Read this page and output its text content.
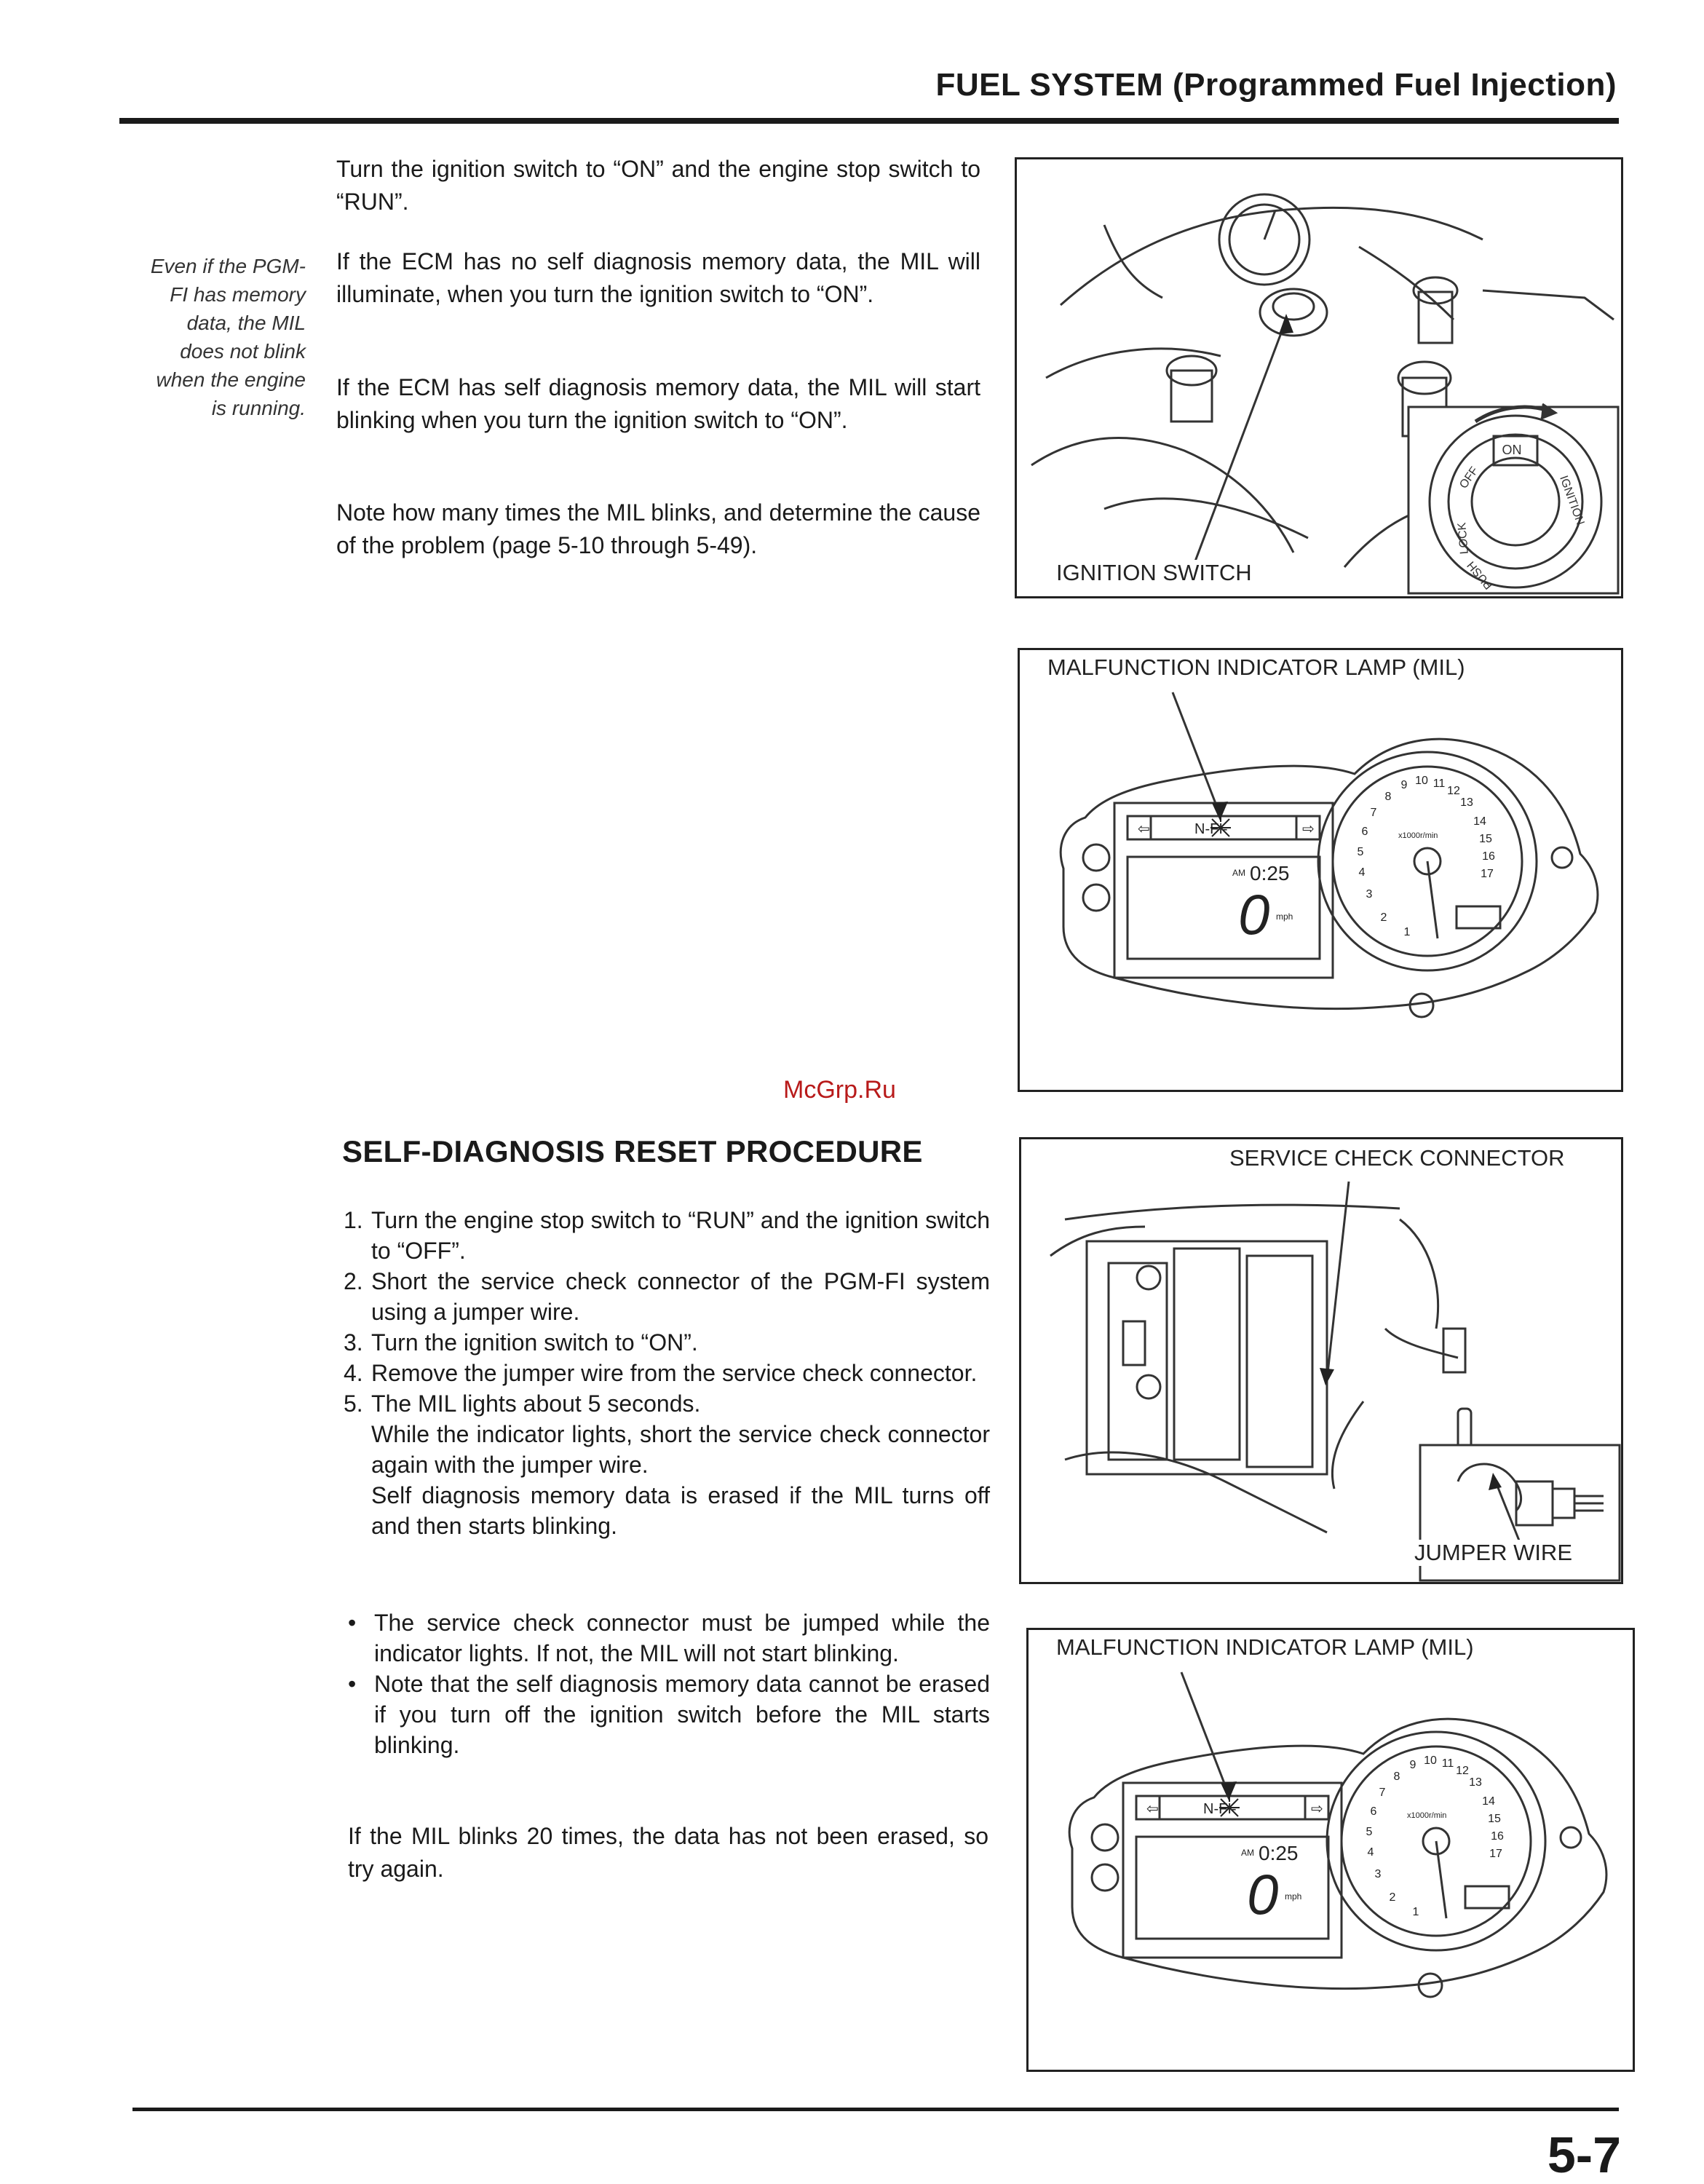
FUEL SYSTEM (Programmed Fuel Injection)
Even if the PGM-
FI has memory
data, the MIL
does not blink
when the engine
is running.

Turn the ignition switch to “ON” and the engine stop switch to “RUN”.

If the ECM has no self diagnosis memory data, the MIL will illuminate, when you turn the ignition switch to “ON”.

If the ECM has self diagnosis memory data, the MIL will start blinking when you turn the ignition switch to “ON”.

Note how many times the MIL blinks, and determine the cause of the problem (page 5-10 through 5-49).

ON
OFF
LOCK
PUSH
IGNITION
IGNITION SWITCH
MALFUNCTION INDICATOR LAMP (MIL)
⇦	⇨
N-FI-
AM 0:25
0 mph
x1000r/min
1
2
3
4
5
6
7
8
9 10 11
12
13
14
15
16
17
McGrp.Ru
SELF-DIAGNOSIS RESET PROCEDURE

1. Turn the engine stop switch to “RUN” and the ignition switch to “OFF”.

2. Short the service check connector of the PGM-FI system using a jumper wire.

3. Turn the ignition switch to “ON”.

4. Remove the jumper wire from the service check connector.

5. The MIL lights about 5 seconds.

While the indicator lights, short the service check connector again with the jumper wire.

Self diagnosis memory data is erased if the MIL turns off and then starts blinking.

• The service check connector must be jumped while the indicator lights. If not, the MIL will not start blinking.

• Note that the self diagnosis memory data cannot be erased if you turn off the ignition switch before the MIL starts blinking.

If the MIL blinks 20 times, the data has not been erased, so try again.

SERVICE CHECK CONNECTOR
JUMPER WIRE
MALFUNCTION INDICATOR LAMP (MIL)
⇦	⇨
N-FI-
AM 0:25
0 mph
x1000r/min
1
2
3
4
5
6
7
8
9 10 11
12
13
14
15
16
17
5-7
